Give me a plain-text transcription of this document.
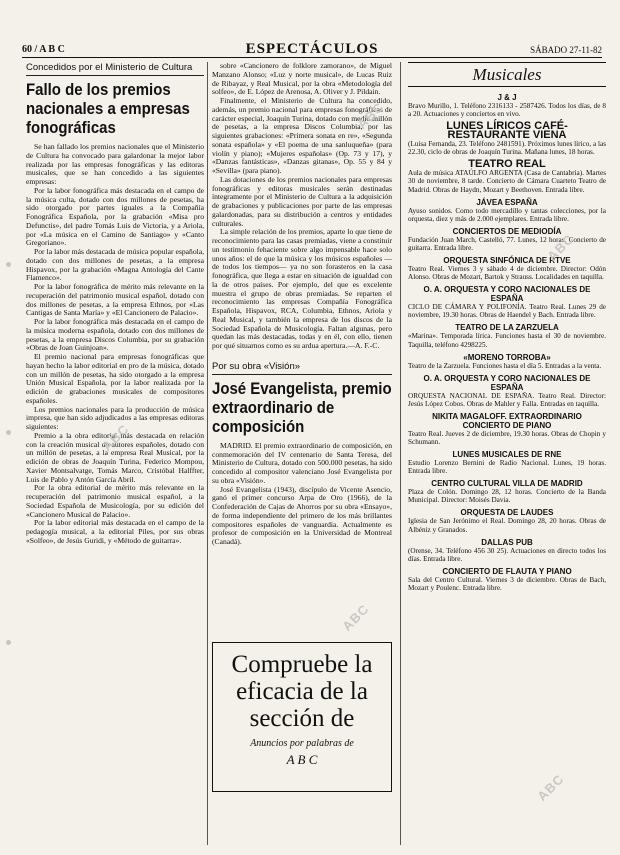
60 / A B C	ESPECTÁCULOS	SÁBADO 27-11-82
Concedidos por el Ministerio de Cultura
Fallo de los premios nacionales a empresas fonográficas

Se han fallado los premios nacionales que el Ministerio de Cultura ha convocado para galardonar la mejor labor realizada por las empresas fonográficas y las editoras musicales, que se han concedido a las siguientes empresas:

Por la labor fonográfica más destacada en el campo de la música culta, dotado con dos millones de pesetas, ha sido otorgado por partes iguales a la Compañía Fonográfica Española, por la grabación «Misa pro Defunctis», del padre Tomás Luis de Victoria, y a Ariola, por «La música en el Camino de Santiago» y «Canto Gregoriano».

Por la labor más destacada de música popular española, dotado con dos millones de pesetas, a la empresa Hispavox, por la grabación «Magna Antología del Cante Flamenco».

Por la labor fonográfica de mérito más relevante en la recuperación del patrimonio musical español, dotado con dos millones de pesetas, a la empresa Ethnos, por «Las Cantigas de Santa María» y «El Cancionero de Palacio».

Por la labor fonográfica más destacada en el campo de la música moderna española, dotado con dos millones de pesetas, a la empresa Discos Columbia, por su grabación «Obras de Joan Guinjoan».

El premio nacional para empresas fonográficas que hayan hecho la labor editorial en pro de la música, dotado con un millón de pesetas, ha sido otorgado a la empresa Unión Musical Española, por la labor realizada por la edición de grabaciones musicales de compositores españoles.

Los premios nacionales para la producción de música impresa, que han sido adjudicados a las empresas editoras siguientes:

Premio a la obra editorial más destacada en relación con la creación musical de autores españoles, dotado con un millón de pesetas, a la empresa Real Musical, por la edición de obras de Joaquín Turina, Federico Mompou, Xavier Montsalvatge, Tomás Marco, Cristóbal Halffter, Luis de Pablo y Antón García Abril.

Por la obra editorial de mérito más relevante en la recuperación del patrimonio musical español, a la Sociedad Española de Musicología, por su edición del «Cancionero Musical de Palacio».

Por la labor editorial más destacada en el campo de la pedagogía musical, a la editorial Piles, por sus obras «Solfeo», de Jesús Guridi, y «Método de guitarra».

sobre «Cancionero de folklore zamorano», de Miguel Manzano Alonso; «Luz y norte musical», de Lucas Ruiz de Ribayaz, y Real Musical, por la obra «Metodología del solfeo», de E. López de Arenosa, A. Oliver y J. Pildain.

Finalmente, el Ministerio de Cultura ha concedido, además, un premio nacional para empresas fonográficas de carácter especial, Joaquín Turina, dotado con medio millón de pesetas, a la empresa Discos Columbia, por las siguientes grabaciones: «Primera sonata en re», «Segunda sonata española» y «El poema de una sanluqueña» (para violín y piano); «Mujeres españolas» (Op. 73 y 17), y «Danzas fantásticas», «Danzas gitanas», Op. 55 y 84 y «Sevilla» (para piano).

Las dotaciones de los premios nacionales para empresas fonográficas y editoras musicales serán destinadas íntegramente por el Ministerio de Cultura a la adquisición de grabaciones y publicaciones por parte de las empresas galardonadas, para su distribución a centros y entidades culturales.

La simple relación de los premios, aparte lo que tiene de reconocimiento para las casas premiadas, viene a constituir un testimonio fehaciente sobre algo impensable hace solo unos años: el de que la música y los músicos españoles —de todos los tiempos— ya no son forasteros en la casa fonográfica, que llega a estar en situación de igualdad con la de otros países. Por ejemplo, del que es excelente muestra el grupo de obras premiadas. Se reparten el reconocimiento las empresas Compañía Fonográfica Española, Hispavox, RCA, Columbia, Ethnos, Ariola y Real Musical, y también la empresa de los discos de la Sociedad Española de Musicología. Faltan algunas, pero quedan las más destacadas, todas y en él, con ello, tienen por qué situarnos como es su ardua apertura.—A. F.-C.

Por su obra «Visión»
José Evangelista, premio extraordinario de composición

MADRID. El premio extraordinario de composición, en conmemoración del IV centenario de Santa Teresa, del Ministerio de Cultura, dotado con 500.000 pesetas, ha sido concedido al compositor valenciano José Evangelista por su obra «Visión».

José Evangelista (1943), discípulo de Vicente Asencio, ganó el primer concurso Arpa de Oro (1966), de la Confederación de Cajas de Ahorros por su obra «Ensayo», de forma independiente del primero de los más brillantes compositores españoles de vanguardia. Actualmente es profesor de composición en la Universidad de Montreal (Canadá).

Compruebe la eficacia de la sección de
Anuncios por palabras de
A B C
Musicales
J & J
Bravo Murillo, 1. Teléfono 2316133 - 2587426. Todos los días, de 8 a 20. Actuaciones y conciertos en vivo.
LUNES LÍRICOS CAFÉ-RESTAURANTE VIENA
(Luisa Fernanda, 23. Teléfono 2481591). Próximos lunes lírico, a las 22.30, ciclo de obras de Joaquín Turina. Mañana lunes, 18 horas.
TEATRO REAL
Aula de música ATAÚLFO ARGENTA (Casa de Cantabria). Martes 30 de noviembre, 8 tarde. Concierto de Cámara Cuarteto Teatro de Madrid. Obras de Haydn, Mozart y Beethoven. Entrada libre.
JÁVEA ESPAÑA
Ayuso sonidos. Como todo mercadillo y tantas colecciones, por la orquesta, diez y más de 2.000 ejemplares. Entrada libre.
CONCIERTOS DE MEDIODÍA
Fundación Juan March, Castelló, 77. Lunes, 12 horas. Concierto de guitarra. Entrada libre.
ORQUESTA SINFÓNICA DE RTVE
Teatro Real. Viernes 3 y sábado 4 de diciembre. Director: Odón Alonso. Obras de Mozart, Bartok y Strauss. Localidades en taquilla.
O. A. ORQUESTA Y CORO NACIONALES DE ESPAÑA
CICLO DE CÁMARA Y POLIFONÍA. Teatro Real. Lunes 29 de noviembre, 19.30 horas. Obras de Haendel y Bach. Entrada libre.
TEATRO DE LA ZARZUELA
«Marina». Temporada lírica. Funciones hasta el 30 de noviembre. Taquilla, teléfono 4298225.
«MORENO TORROBA»
Teatro de la Zarzuela. Funciones hasta el día 5. Entradas a la venta.
O. A. ORQUESTA Y CORO NACIONALES DE ESPAÑA
ORQUESTA NACIONAL DE ESPAÑA. Teatro Real. Director: Jesús López Cobos. Obras de Mahler y Falla. Entradas en taquilla.
NIKITA MAGALOFF. EXTRAORDINARIO CONCIERTO DE PIANO
Teatro Real. Jueves 2 de diciembre, 19.30 horas. Obras de Chopin y Schumann.
LUNES MUSICALES DE RNE
Estudio Lorenzo Bernini de Radio Nacional. Lunes, 19 horas. Entrada libre.
CENTRO CULTURAL VILLA DE MADRID
Plaza de Colón. Domingo 28, 12 horas. Concierto de la Banda Municipal. Director: Moisés Davia.
ORQUESTA DE LAUDES
Iglesia de San Jerónimo el Real. Domingo 28, 20 horas. Obras de Albéniz y Granados.
DALLAS PUB
(Orense, 34. Teléfono 456 30 25). Actuaciones en directo todos los días. Entrada libre.
CONCIERTO DE FLAUTA Y PIANO
Sala del Centro Cultural. Viernes 3 de diciembre. Obras de Bach, Mozart y Poulenc. Entrada libre.
ABC
ABC
ABC
ABC
ABC
